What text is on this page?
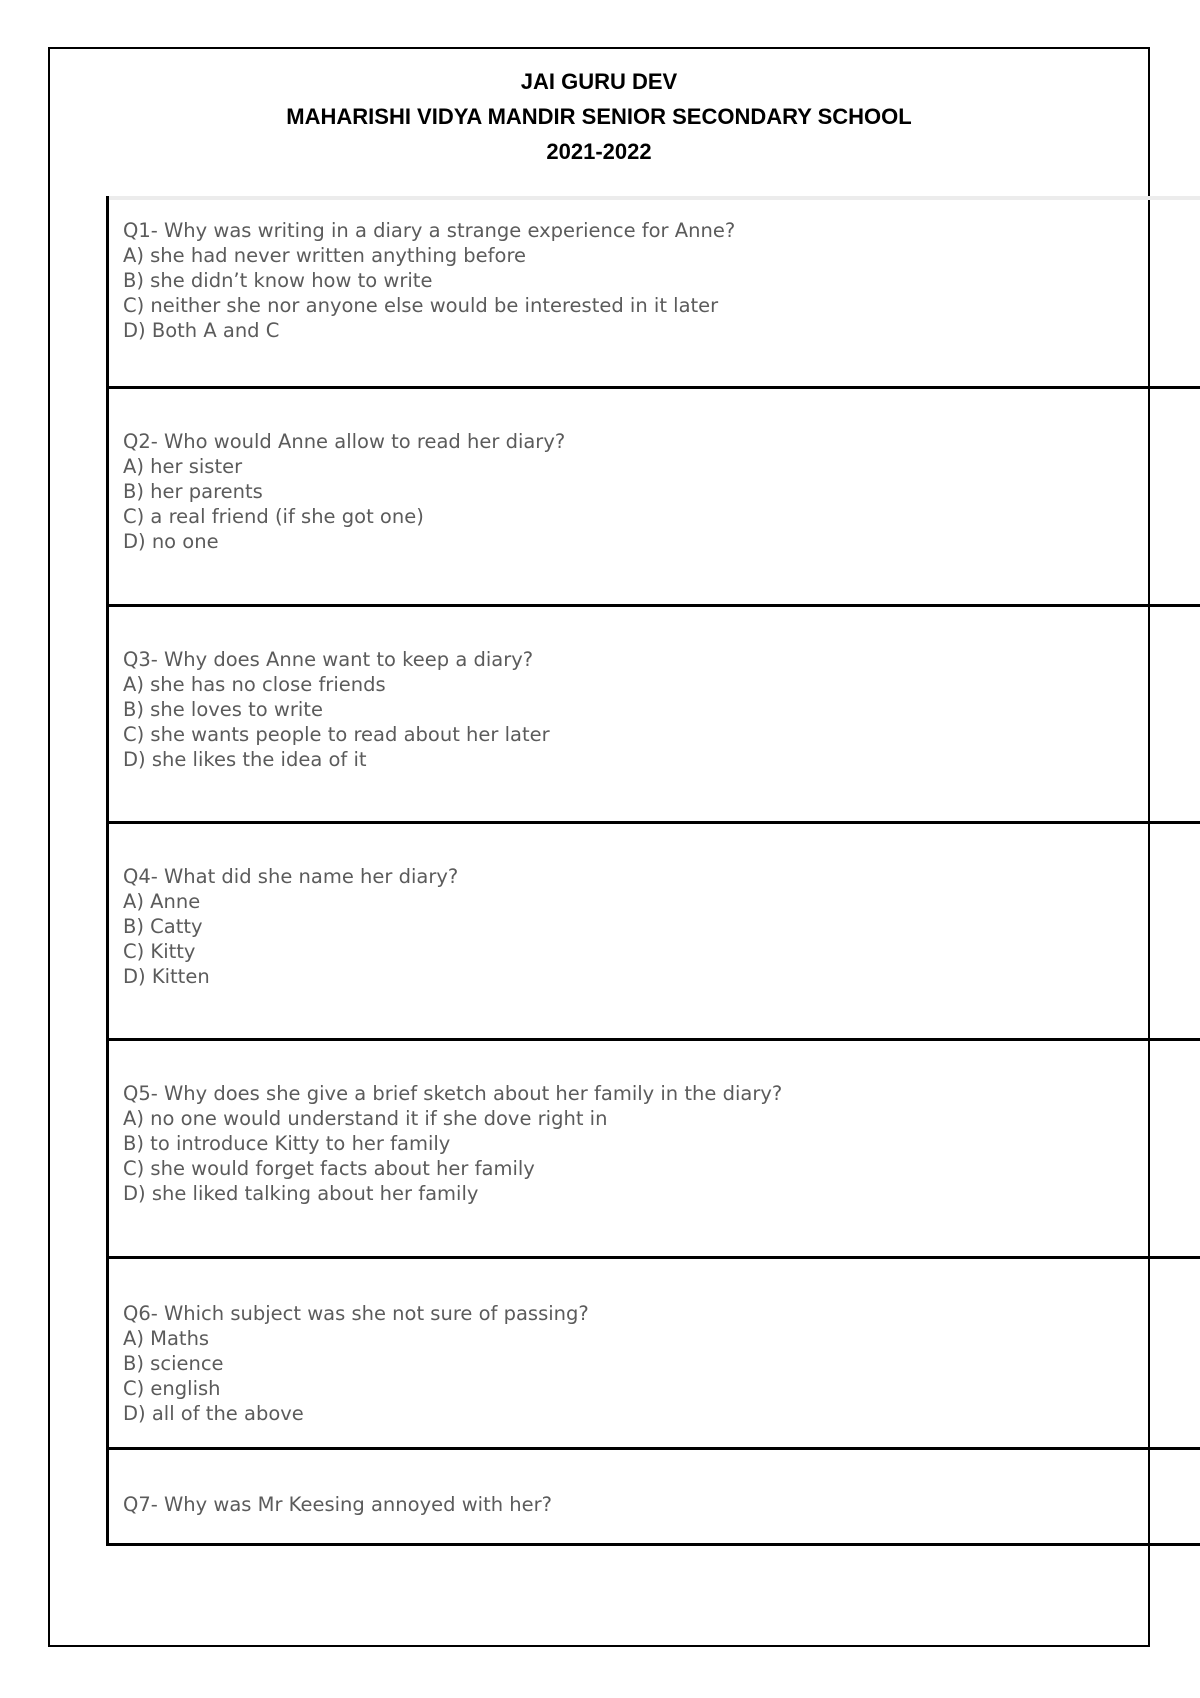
JAI GURU DEV
MAHARISHI VIDYA MANDIR SENIOR SECONDARY SCHOOL
2021-2022
Q1- Why was writing in a diary a strange experience for Anne?
A) she had never written anything before
B) she didn’t know how to write
C) neither she nor anyone else would be interested in it later
D) Both A and C
Q2- Who would Anne allow to read her diary?
A) her sister
B) her parents
C) a real friend (if she got one)
D) no one
Q3- Why does Anne want to keep a diary?
A) she has no close friends
B) she loves to write
C) she wants people to read about her later
D) she likes the idea of it
Q4- What did she name her diary?
A) Anne
B) Catty
C) Kitty
D) Kitten
Q5- Why does she give a brief sketch about her family in the diary?
A) no one would understand it if she dove right in
B) to introduce Kitty to her family
C) she would forget facts about her family
D) she liked talking about her family
Q6- Which subject was she not sure of passing?
A) Maths
B) science
C) english
D) all of the above
Q7- Why was Mr Keesing annoyed with her?
